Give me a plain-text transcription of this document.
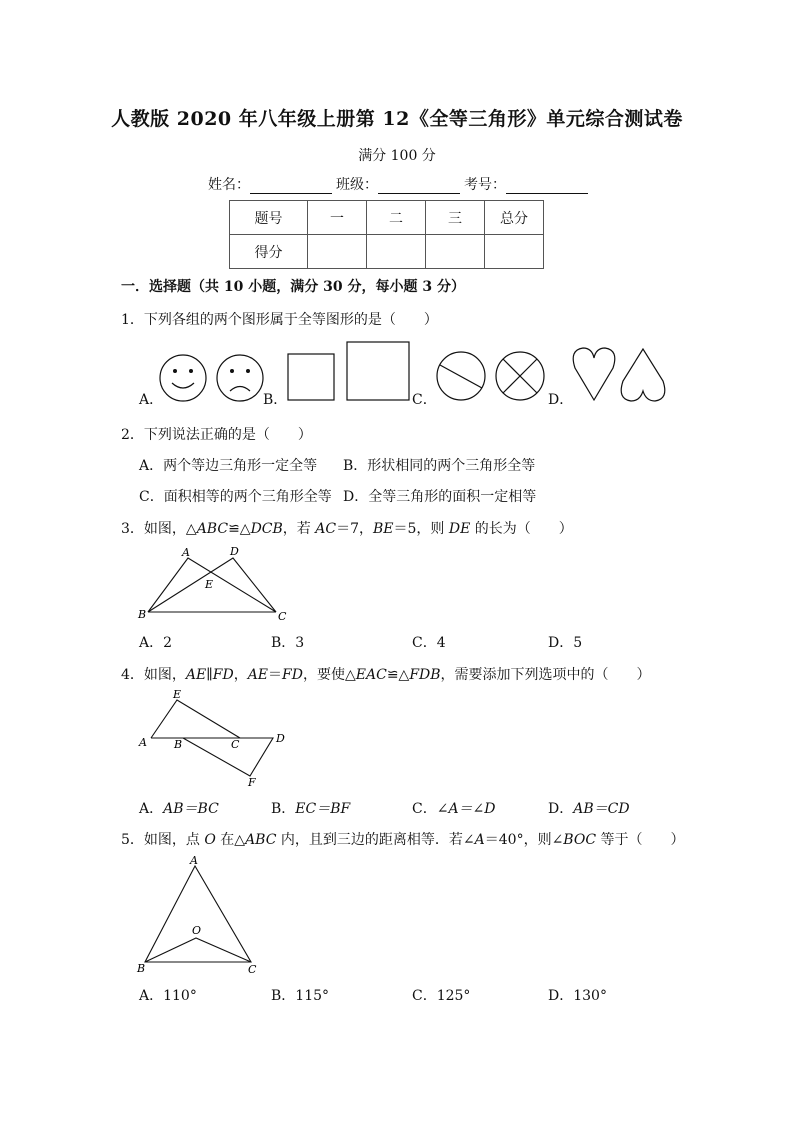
人教版 2020 年八年级上册第 12《全等三角形》单元综合测试卷
满分 100 分
姓名：	班级：	考号：
题号	一	二	三	总分
得分				
一．选择题（共 10 小题，满分 30 分，每小题 3 分）
1．下列各组的两个图形属于全等图形的是（　　）
A．	B．	C．	D．
2．下列说法正确的是（　　）
A．两个等边三角形一定全等 B．形状相同的两个三角形全等
C．面积相等的两个三角形全等 D．全等三角形的面积一定相等
3．如图，△ABC≌△DCB，若 AC＝7，BE＝5，则 DE 的长为（　　）
A	D
E
B	C
A．2	B．3	C．4	D．5
4．如图，AE∥FD，AE＝FD，要使△EAC≌△FDB，需要添加下列选项中的（　　）
E
A B	C	D
F
A．AB＝BC	B．EC＝BF	C．∠A＝∠D	D．AB＝CD
5．如图，点 O 在△ABC 内，且到三边的距离相等．若∠A＝40°，则∠BOC 等于（　　）
A
O
B	C
A．110°	B．115°	C．125°	D．130°
